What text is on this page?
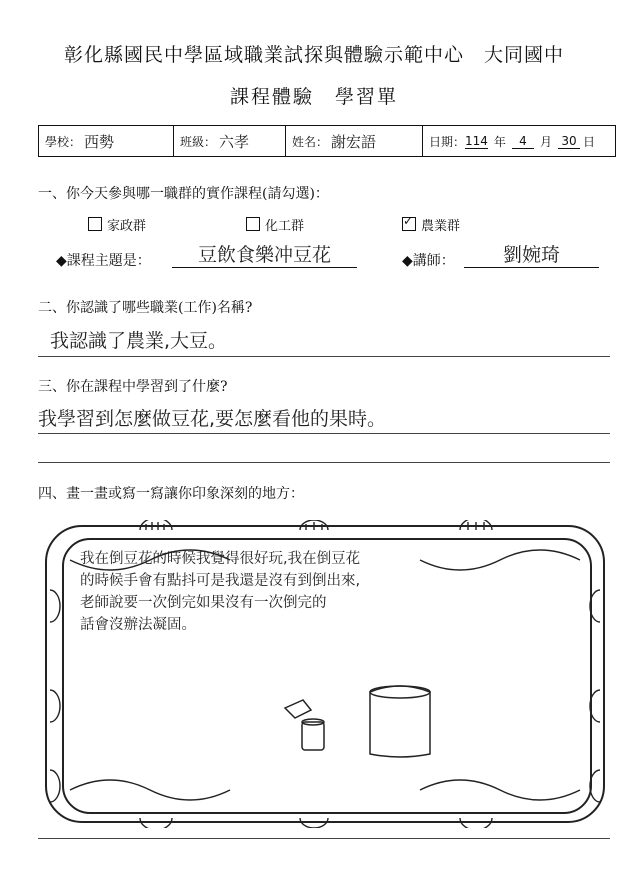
彰化縣國民中學區域職業試探與體驗示範中心　大同國中
課程體驗　學習單
學校： 西勢	班級： 六孝	姓名： 謝宏語	日期： 114 年	4	月 30 日
一、你今天參與哪一職群的實作課程(請勾選)：
家政群	化工群
✓	農業群
◆課程主題是：	豆飲食樂冲豆花	◆講師：	劉婉琦
二、你認識了哪些職業(工作)名稱?
我認識了農業,大豆。
三、你在課程中學習到了什麼?
我學習到怎麼做豆花,要怎麼看他的果時。
四、畫一畫或寫一寫讓你印象深刻的地方：
我在倒豆花的時候我覺得很好玩,我在倒豆花
的時候手會有點抖可是我還是沒有到倒出來,
老師說要一次倒完如果沒有一次倒完的
話會沒辦法凝固。
